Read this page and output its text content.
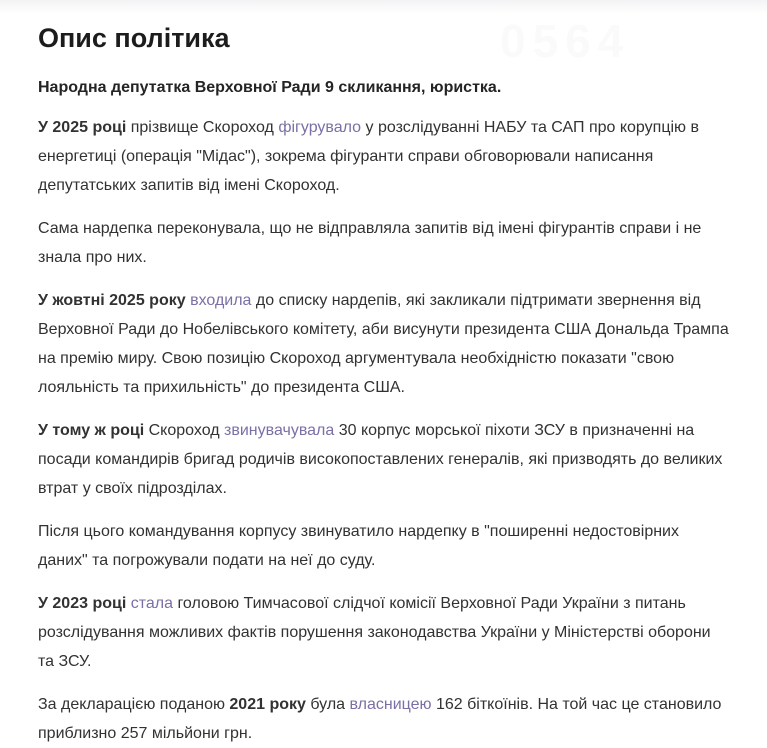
0564
Опис політика

Народна депутатка Верховної Ради 9 скликання, юристка.

У 2025 році прізвище Скороход фігурувало у розслідуванні НАБУ та САП про корупцію в енергетиці (операція "Мідас"), зокрема фігуранти справи обговорювали написання депутатських запитів від імені Скороход.

Сама нардепка переконувала, що не відправляла запитів від імені фігурантів справи і не знала про них.

У жовтні 2025 року входила до списку нардепів, які закликали підтримати звернення від Верховної Ради до Нобелівського комітету, аби висунути президента США Дональда Трампа на премію миру. Свою позицію Скороход аргументувала необхідністю показати "свою лояльність та прихильність" до президента США.

У тому ж році Скороход звинувачувала 30 корпус морської піхоти ЗСУ в призначенні на посади командирів бригад родичів високопоставлених генералів, які призводять до великих втрат у своїх підрозділах.

Після цього командування корпусу звинуватило нардепку в "поширенні недостовірних даних" та погрожували подати на неї до суду.

У 2023 році стала головою Тимчасової слідчої комісії Верховної Ради України з питань розслідування можливих фактів порушення законодавства України у Міністерстві оборони та ЗСУ.

За декларацією поданою 2021 року була власницею 162 біткоїнів. На той час це становило приблизно 257 мільйони грн.
